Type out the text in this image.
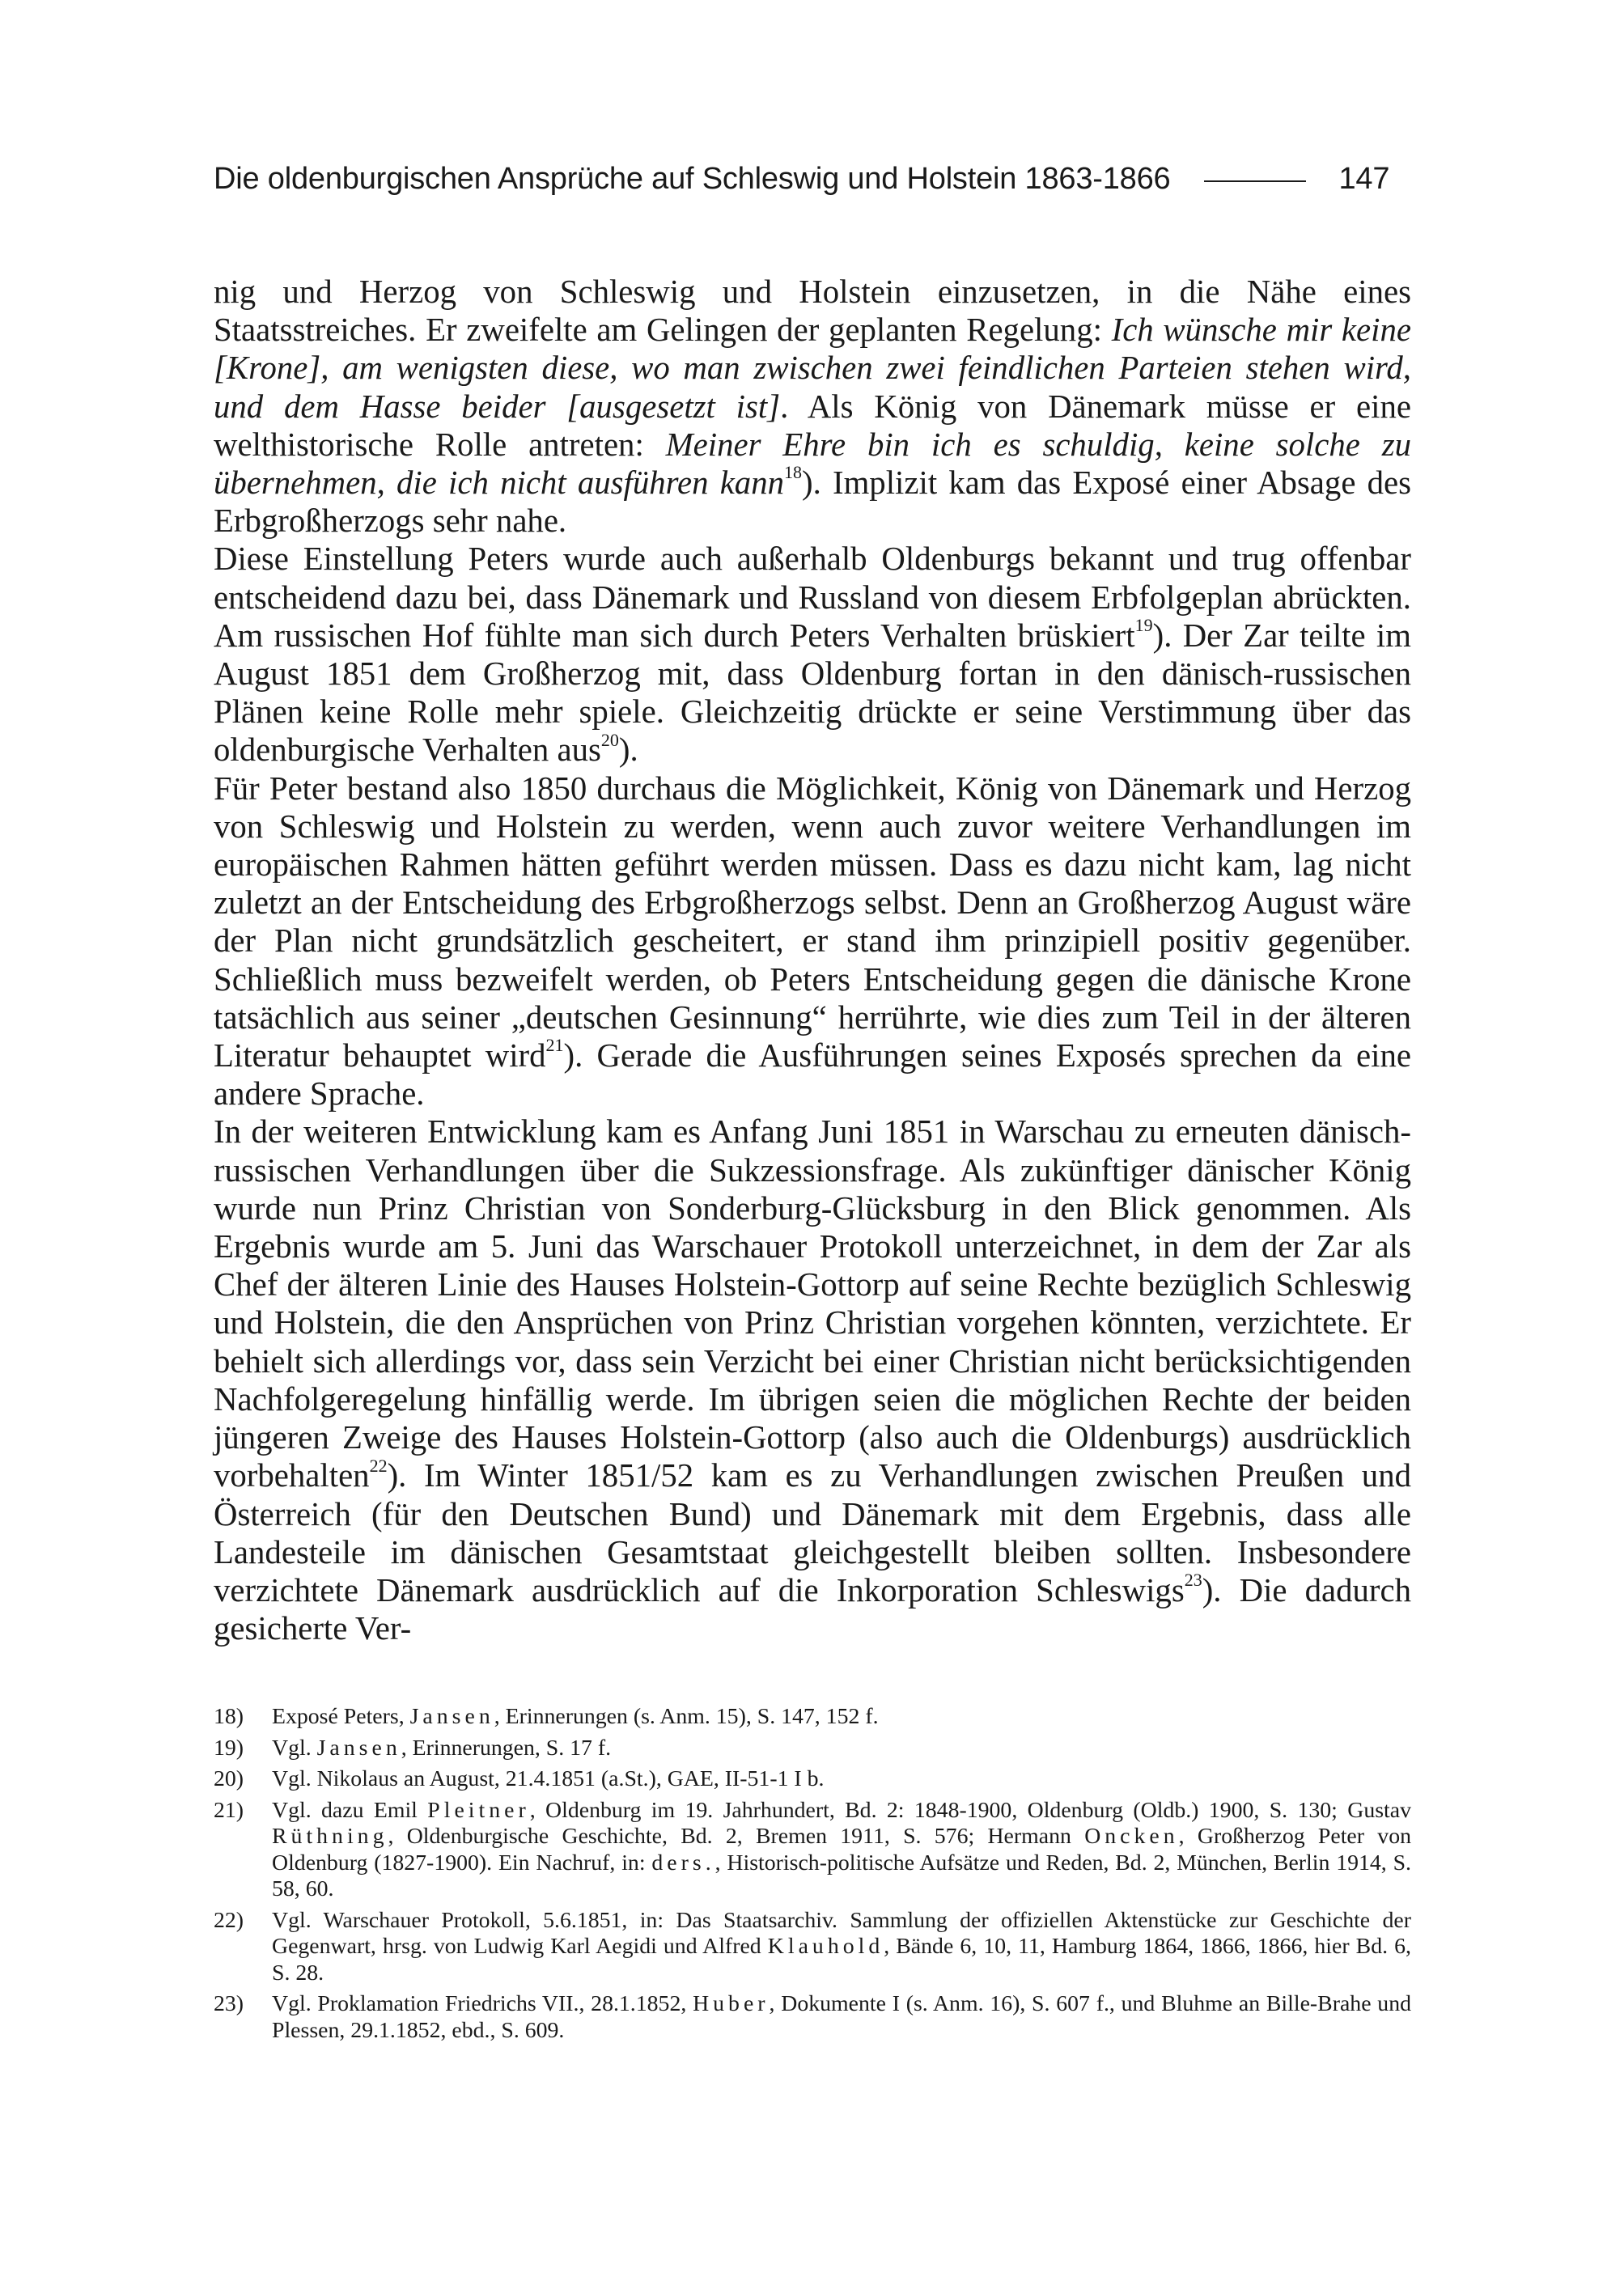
Die oldenburgischen Ansprüche auf Schleswig und Holstein 1863-1866	147

nig und Herzog von Schleswig und Holstein einzusetzen, in die Nähe eines Staatsstreiches. Er zweifelte am Gelingen der geplanten Regelung: Ich wünsche mir keine [Krone], am wenigsten diese, wo man zwischen zwei feindlichen Parteien stehen wird, und dem Hasse beider [ausgesetzt ist]. Als König von Dänemark müsse er eine welthistorische Rolle antreten: Meiner Ehre bin ich es schuldig, keine solche zu übernehmen, die ich nicht ausführen kann$^{18}$). Implizit kam das Exposé einer Absage des Erbgroßherzogs sehr nahe.

Diese Einstellung Peters wurde auch außerhalb Oldenburgs bekannt und trug offenbar entscheidend dazu bei, dass Dänemark und Russland von diesem Erbfolgeplan abrückten. Am russischen Hof fühlte man sich durch Peters Verhalten brüskiert$^{19}$). Der Zar teilte im August 1851 dem Großherzog mit, dass Oldenburg fortan in den dänisch-russischen Plänen keine Rolle mehr spiele. Gleichzeitig drückte er seine Verstimmung über das oldenburgische Verhalten aus$^{20}$).

Für Peter bestand also 1850 durchaus die Möglichkeit, König von Dänemark und Herzog von Schleswig und Holstein zu werden, wenn auch zuvor weitere Verhandlungen im europäischen Rahmen hätten geführt werden müssen. Dass es dazu nicht kam, lag nicht zuletzt an der Entscheidung des Erbgroßherzogs selbst. Denn an Großherzog August wäre der Plan nicht grundsätzlich gescheitert, er stand ihm prinzipiell positiv gegenüber. Schließlich muss bezweifelt werden, ob Peters Entscheidung gegen die dänische Krone tatsächlich aus seiner „deutschen Gesinnung“ herrührte, wie dies zum Teil in der älteren Literatur behauptet wird$^{21}$). Gerade die Ausführungen seines Exposés sprechen da eine andere Sprache.

In der weiteren Entwicklung kam es Anfang Juni 1851 in Warschau zu erneuten dänisch-russischen Verhandlungen über die Sukzessionsfrage. Als zukünftiger dänischer König wurde nun Prinz Christian von Sonderburg-Glücksburg in den Blick genommen. Als Ergebnis wurde am 5. Juni das Warschauer Protokoll unterzeichnet, in dem der Zar als Chef der älteren Linie des Hauses Holstein-Gottorp auf seine Rechte bezüglich Schleswig und Holstein, die den Ansprüchen von Prinz Christian vorgehen könnten, verzichtete. Er behielt sich allerdings vor, dass sein Verzicht bei einer Christian nicht berücksichtigenden Nachfolgeregelung hinfällig werde. Im übrigen seien die möglichen Rechte der beiden jüngeren Zweige des Hauses Holstein-Gottorp (also auch die Oldenburgs) ausdrücklich vorbehalten$^{22}$). Im Winter 1851/52 kam es zu Verhandlungen zwischen Preußen und Österreich (für den Deutschen Bund) und Dänemark mit dem Ergebnis, dass alle Landesteile im dänischen Gesamtstaat gleichgestellt bleiben sollten. Insbesondere verzichtete Dänemark ausdrücklich auf die Inkorporation Schleswigs$^{23}$). Die dadurch gesicherte Ver-

18)	Exposé Peters, Jansen, Erinnerungen (s. Anm. 15), S. 147, 152 f.
19)	Vgl. Jansen, Erinnerungen, S. 17 f.
20)	Vgl. Nikolaus an August, 21.4.1851 (a.St.), GAE, II-51-1 I b.
21)	Vgl. dazu Emil Pleitner, Oldenburg im 19. Jahrhundert, Bd. 2: 1848-1900, Oldenburg (Oldb.) 1900, S. 130; Gustav Rüthning, Oldenburgische Geschichte, Bd. 2, Bremen 1911, S. 576; Hermann Oncken, Großherzog Peter von Oldenburg (1827-1900). Ein Nachruf, in: ders., Historisch-politische Aufsätze und Reden, Bd. 2, München, Berlin 1914, S. 58, 60.
22)	Vgl. Warschauer Protokoll, 5.6.1851, in: Das Staatsarchiv. Sammlung der offiziellen Aktenstücke zur Geschichte der Gegenwart, hrsg. von Ludwig Karl Aegidi und Alfred Klauhold, Bände 6, 10, 11, Hamburg 1864, 1866, 1866, hier Bd. 6, S. 28.
23)	Vgl. Proklamation Friedrichs VII., 28.1.1852, Huber, Dokumente I (s. Anm. 16), S. 607 f., und Bluhme an Bille-Brahe und Plessen, 29.1.1852, ebd., S. 609.
